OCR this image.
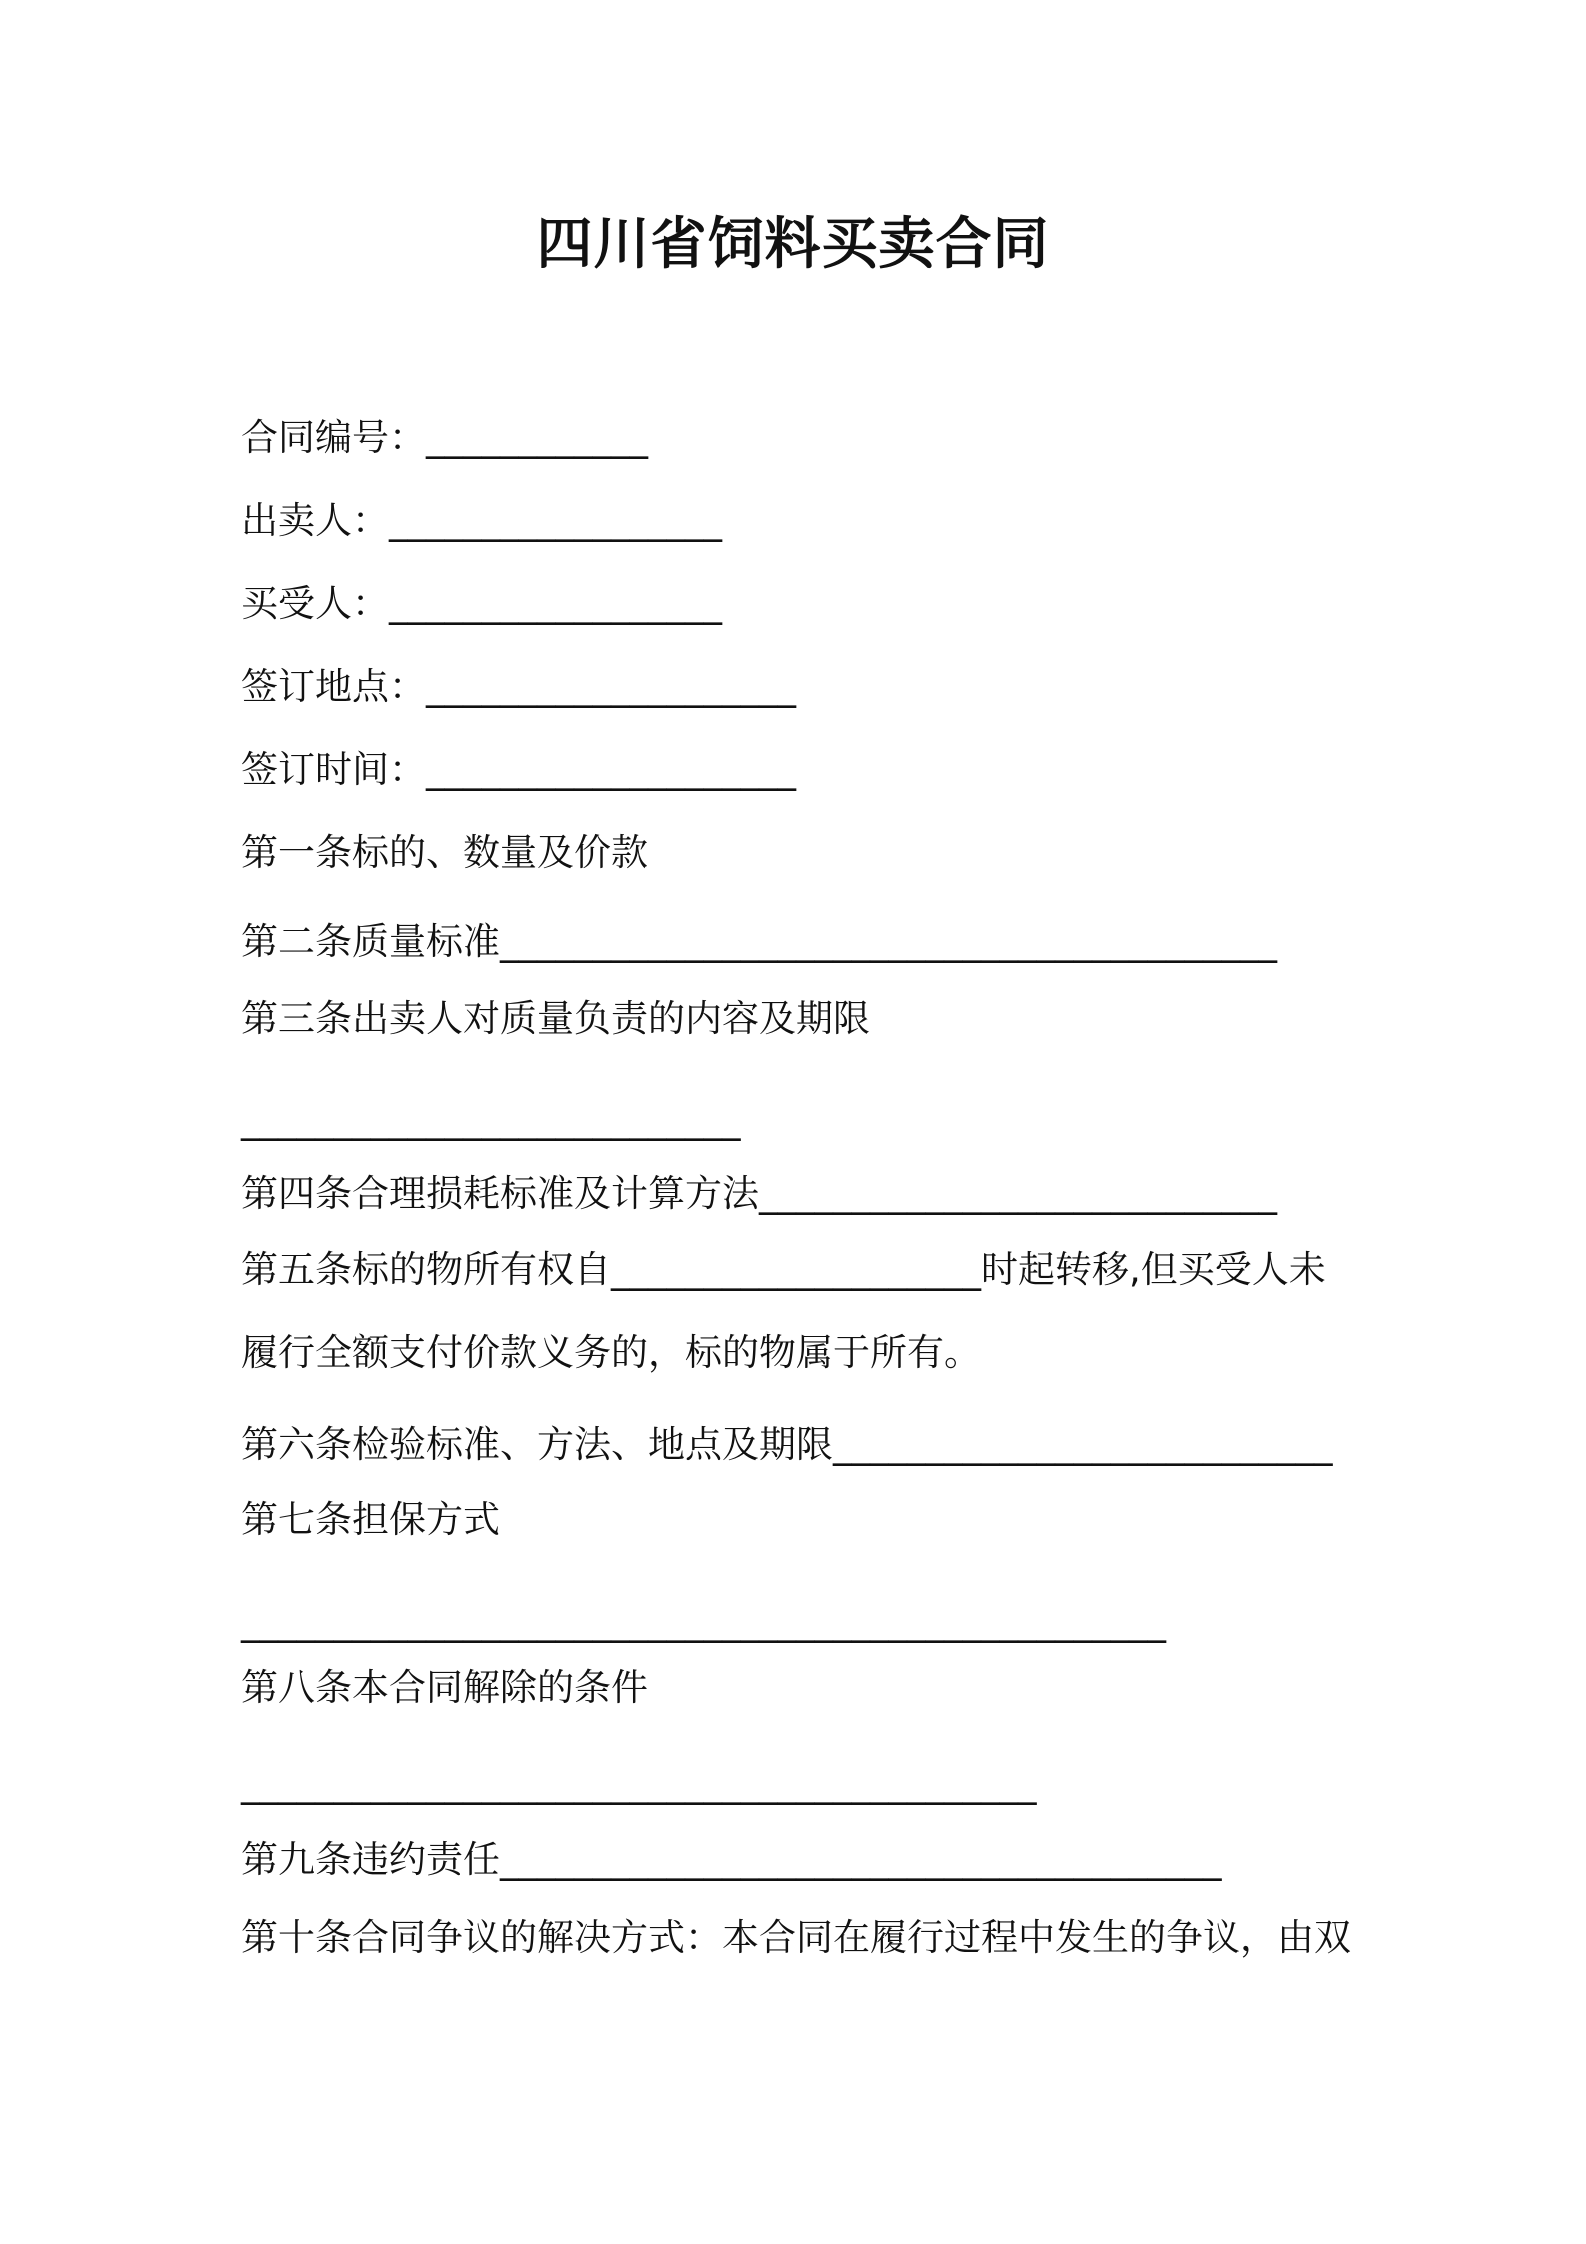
四川省饲料买卖合同
合同编号：____________
出卖人：__________________
买受人：__________________
签订地点：____________________
签订时间：____________________
第一条标的、数量及价款
第二条质量标准__________________________________________
第三条出卖人对质量负责的内容及期限
___________________________
第四条合理损耗标准及计算方法____________________________
第五条标的物所有权自____________________时起转移,但买受人未
履行全额支付价款义务的，标的物属于所有。
第六条检验标准、方法、地点及期限___________________________
第七条担保方式
__________________________________________________
第八条本合同解除的条件
___________________________________________
第九条违约责任_______________________________________
第十条合同争议的解决方式：本合同在履行过程中发生的争议，由双
